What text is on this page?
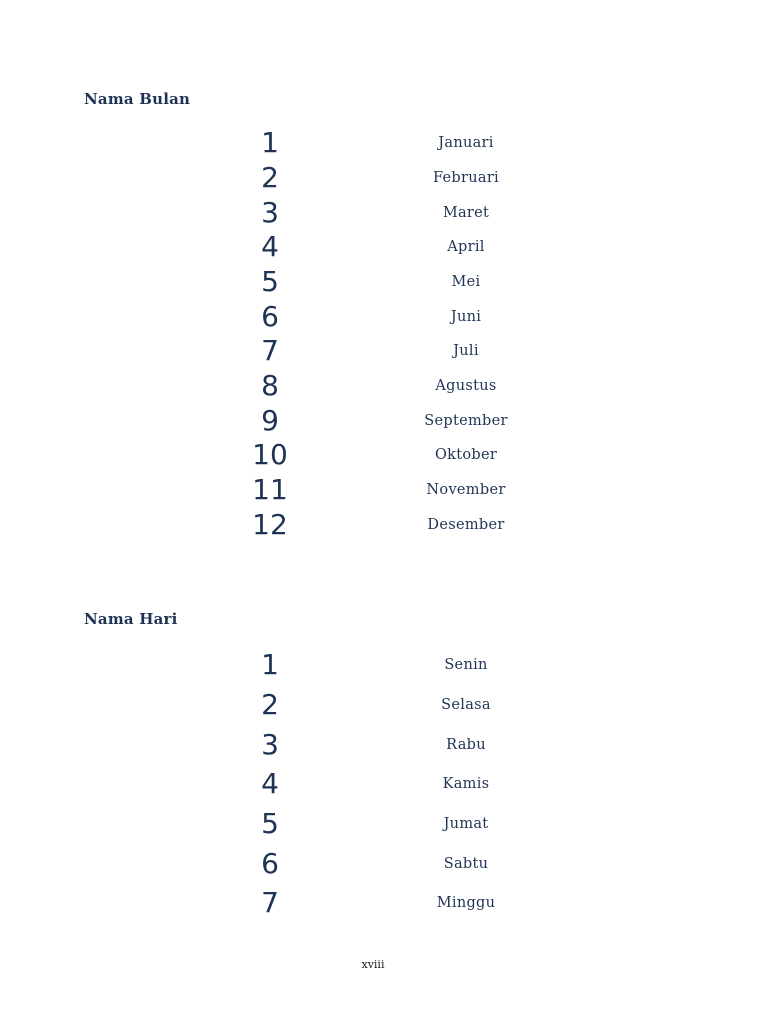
Nama Bulan
1	Januari
2	Februari
3	Maret
4	April
5	Mei
6	Juni
7	Juli
8	Agustus
9	September
10	Oktober
11	November
12	Desember
Nama Hari
1	Senin
2	Selasa
3	Rabu
4	Kamis
5	Jumat
6	Sabtu
7	Minggu
xviii
